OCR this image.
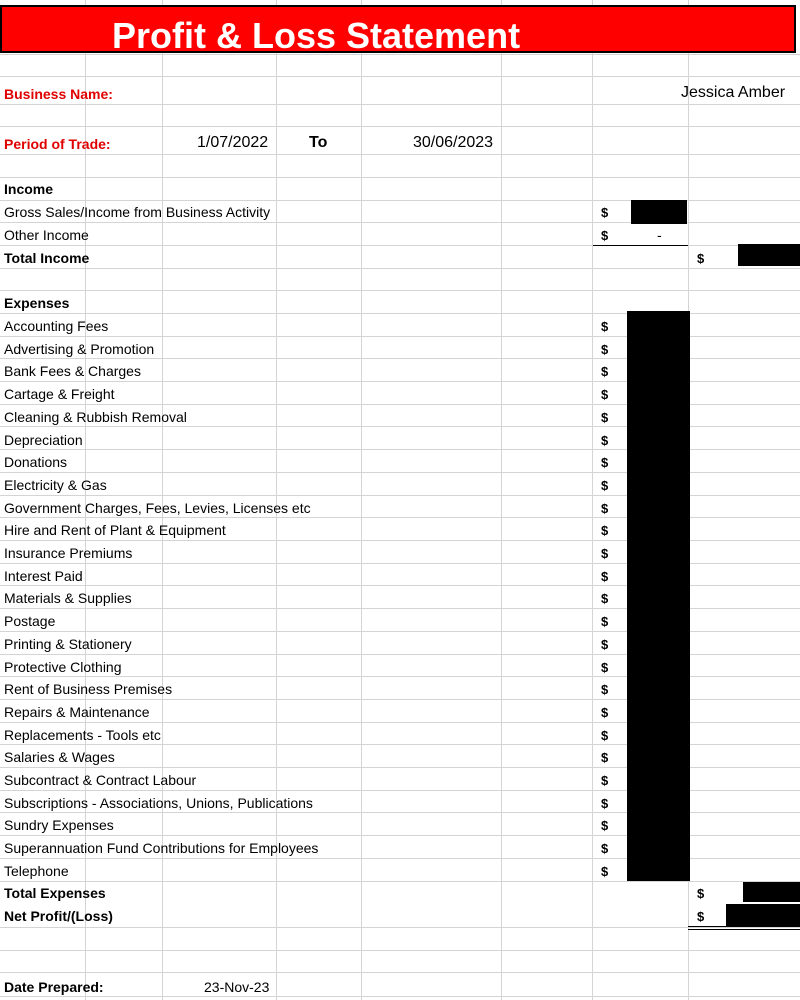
Profit & Loss Statement
Business Name:	Jessica Amber
Period of Trade:	1/07/2022	To	30/06/2023
Income
Gross Sales/Income from Business Activity	$
Other Income	$	-
Total Income	$
Expenses
Accounting Fees	$
Advertising & Promotion	$
Bank Fees & Charges	$
Cartage & Freight	$
Cleaning & Rubbish Removal	$
Depreciation	$
Donations	$
Electricity & Gas	$
Government Charges, Fees, Levies, Licenses etc	$
Hire and Rent of Plant & Equipment	$
Insurance Premiums	$
Interest Paid	$
Materials & Supplies	$
Postage	$
Printing & Stationery	$
Protective Clothing	$
Rent of Business Premises	$
Repairs & Maintenance	$
Replacements - Tools etc	$
Salaries & Wages	$
Subcontract & Contract Labour	$
Subscriptions - Associations, Unions, Publications	$
Sundry Expenses	$
Superannuation Fund Contributions for Employees	$
Telephone	$
Total Expenses	$
Net Profit/(Loss)	$
Date Prepared:	23-Nov-23
